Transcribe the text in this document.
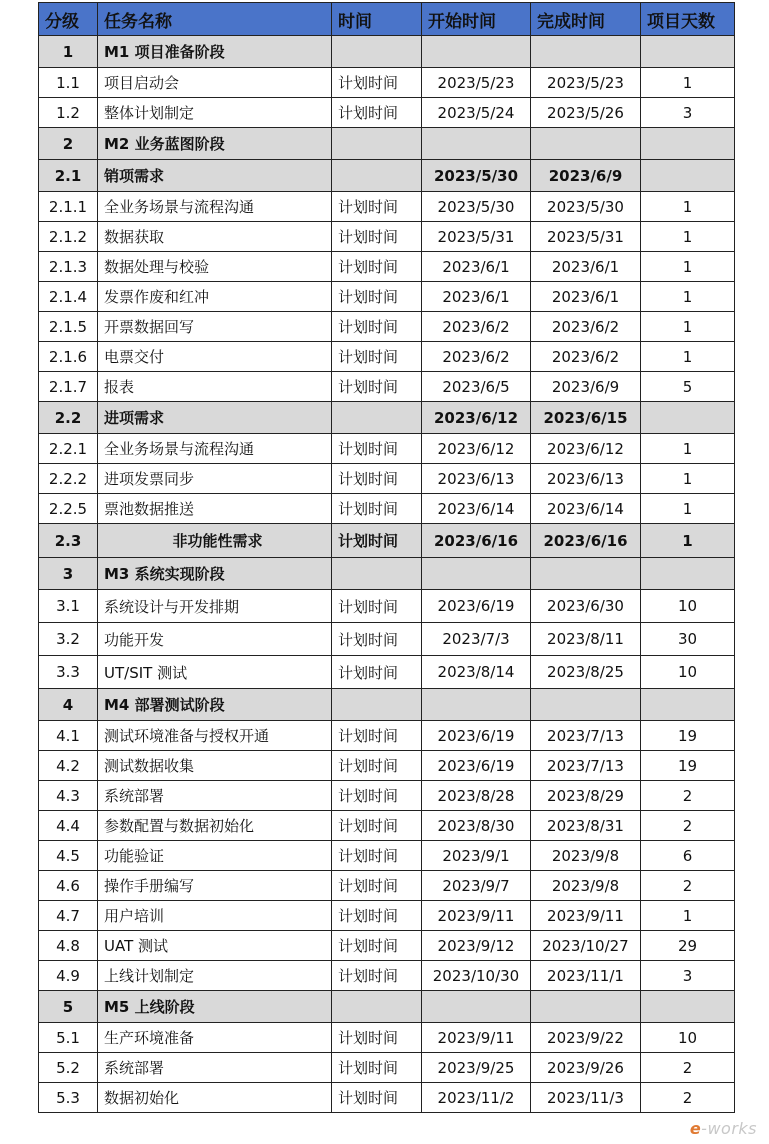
分级	任务名称	时间	开始时间	完成时间	项目天数
1	M1 项目准备阶段				
1.1	项目启动会	计划时间	2023/5/23	2023/5/23	1
1.2	整体计划制定	计划时间	2023/5/24	2023/5/26	3
2	M2 业务蓝图阶段				
2.1	销项需求		2023/5/30	2023/6/9	
2.1.1	全业务场景与流程沟通	计划时间	2023/5/30	2023/5/30	1
2.1.2	数据获取	计划时间	2023/5/31	2023/5/31	1
2.1.3	数据处理与校验	计划时间	2023/6/1	2023/6/1	1
2.1.4	发票作废和红冲	计划时间	2023/6/1	2023/6/1	1
2.1.5	开票数据回写	计划时间	2023/6/2	2023/6/2	1
2.1.6	电票交付	计划时间	2023/6/2	2023/6/2	1
2.1.7	报表	计划时间	2023/6/5	2023/6/9	5
2.2	进项需求		2023/6/12	2023/6/15	
2.2.1	全业务场景与流程沟通	计划时间	2023/6/12	2023/6/12	1
2.2.2	进项发票同步	计划时间	2023/6/13	2023/6/13	1
2.2.5	票池数据推送	计划时间	2023/6/14	2023/6/14	1
2.3	非功能性需求	计划时间	2023/6/16	2023/6/16	1
3	M3 系统实现阶段				
3.1	系统设计与开发排期	计划时间	2023/6/19	2023/6/30	10
3.2	功能开发	计划时间	2023/7/3	2023/8/11	30
3.3	UT/SIT 测试	计划时间	2023/8/14	2023/8/25	10
4	M4 部署测试阶段				
4.1	测试环境准备与授权开通	计划时间	2023/6/19	2023/7/13	19
4.2	测试数据收集	计划时间	2023/6/19	2023/7/13	19
4.3	系统部署	计划时间	2023/8/28	2023/8/29	2
4.4	参数配置与数据初始化	计划时间	2023/8/30	2023/8/31	2
4.5	功能验证	计划时间	2023/9/1	2023/9/8	6
4.6	操作手册编写	计划时间	2023/9/7	2023/9/8	2
4.7	用户培训	计划时间	2023/9/11	2023/9/11	1
4.8	UAT 测试	计划时间	2023/9/12	2023/10/27	29
4.9	上线计划制定	计划时间	2023/10/30	2023/11/1	3
5	M5 上线阶段				
5.1	生产环境准备	计划时间	2023/9/11	2023/9/22	10
5.2	系统部署	计划时间	2023/9/25	2023/9/26	2
5.3	数据初始化	计划时间	2023/11/2	2023/11/3	2
e-works
